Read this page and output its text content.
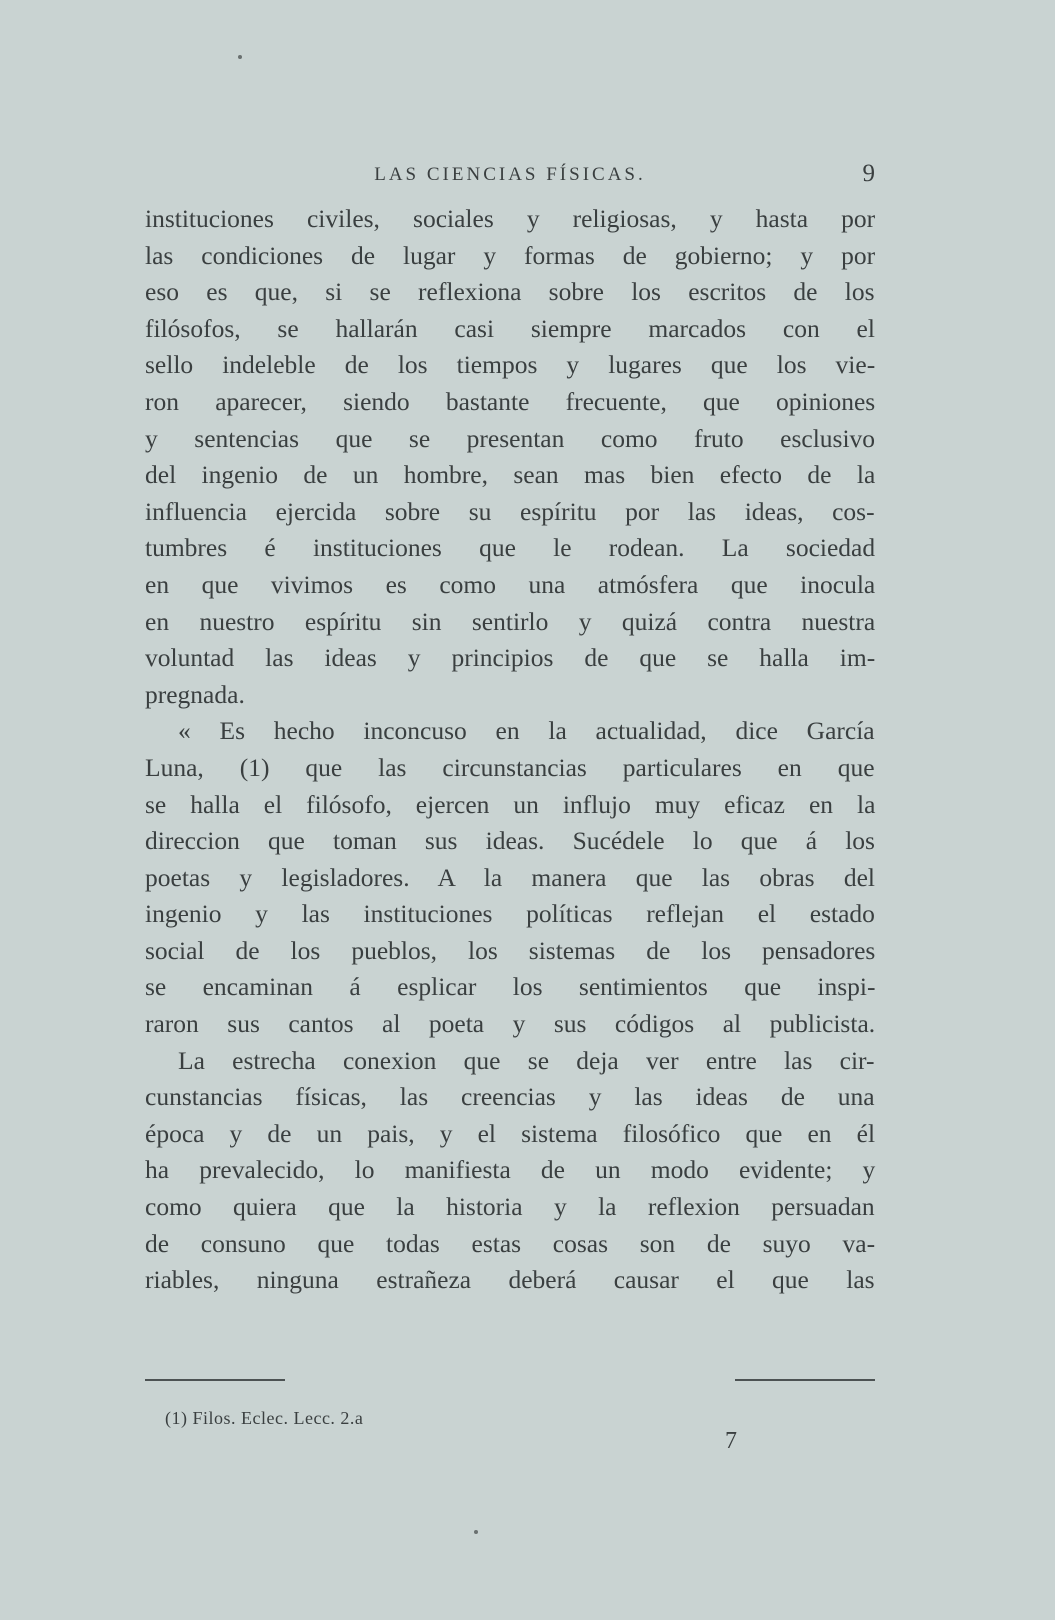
LAS CIENCIAS FÍSICAS.	9
instituciones civiles, sociales y religiosas, y hasta por
las condiciones de lugar y formas de gobierno; y por
eso es que, si se reflexiona sobre los escritos de los
filósofos, se hallarán casi siempre marcados con el
sello indeleble de los tiempos y lugares que los vie-
ron aparecer, siendo bastante frecuente, que opiniones
y sentencias que se presentan como fruto esclusivo
del ingenio de un hombre, sean mas bien efecto de la
influencia ejercida sobre su espíritu por las ideas, cos-
tumbres é instituciones que le rodean. La sociedad
en que vivimos es como una atmósfera que inocula
en nuestro espíritu sin sentirlo y quizá contra nuestra
voluntad las ideas y principios de que se halla im-
pregnada.
« Es hecho inconcuso en la actualidad, dice García
Luna, (1) que las circunstancias particulares en que
se halla el filósofo, ejercen un influjo muy eficaz en la
direccion que toman sus ideas. Sucédele lo que á los
poetas y legisladores. A la manera que las obras del
ingenio y las instituciones políticas reflejan el estado
social de los pueblos, los sistemas de los pensadores
se encaminan á esplicar los sentimientos que inspi-
raron sus cantos al poeta y sus códigos al publicista.
La estrecha conexion que se deja ver entre las cir-
cunstancias físicas, las creencias y las ideas de una
época y de un pais, y el sistema filosófico que en él
ha prevalecido, lo manifiesta de un modo evidente; y
como quiera que la historia y la reflexion persuadan
de consuno que todas estas cosas son de suyo va-
riables, ninguna estrañeza deberá causar el que las
(1) Filos. Eclec. Lecc. 2.a
7
